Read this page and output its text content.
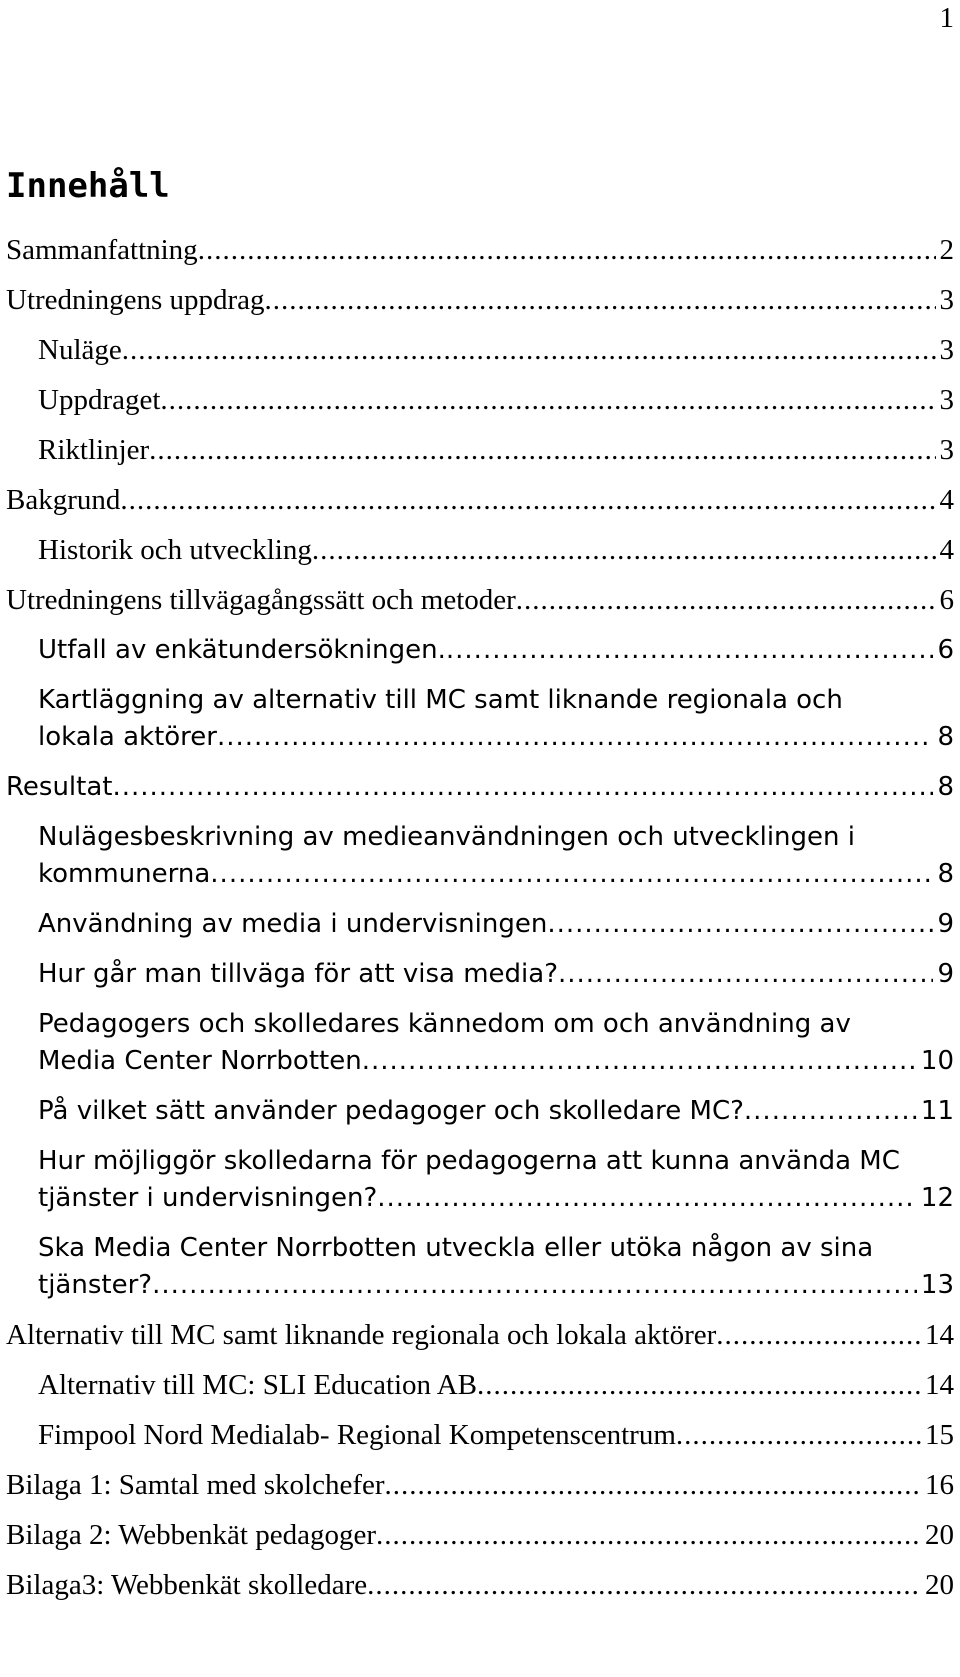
1
Innehåll
Sammanfattning .....	2
Utredningens uppdrag .....	3
Nuläge .....	3
Uppdraget .....	3
Riktlinjer .....	3
Bakgrund .....	4
Historik och utveckling .....	4
Utredningens tillvägagångssätt och metoder .....	6
Utfall av enkätundersökningen. .....	6
Kartläggning av alternativ till MC samt liknande regionala och
lokala aktörer .....	8
Resultat .....	8
Nulägesbeskrivning av medieanvändningen och utvecklingen i
kommunerna .....	8
Användning av media i undervisningen .....	9
Hur går man tillväga för att visa media? .....	9
Pedagogers och skolledares kännedom om och användning av
Media Center Norrbotten .....	10
På vilket sätt använder pedagoger och skolledare MC? .....	11
Hur möjliggör skolledarna för pedagogerna att kunna använda MC
tjänster i undervisningen? .....	12
Ska Media Center Norrbotten utveckla eller utöka någon av sina
tjänster? .....	13
Alternativ till MC samt liknande regionala och lokala aktörer .....	14
Alternativ till MC: SLI Education AB .....	14
Fimpool Nord Medialab- Regional Kompetenscentrum .....	15
Bilaga 1: Samtal med skolchefer .....	16
Bilaga 2: Webbenkät pedagoger .....	20
Bilaga3: Webbenkät skolledare .....	20
